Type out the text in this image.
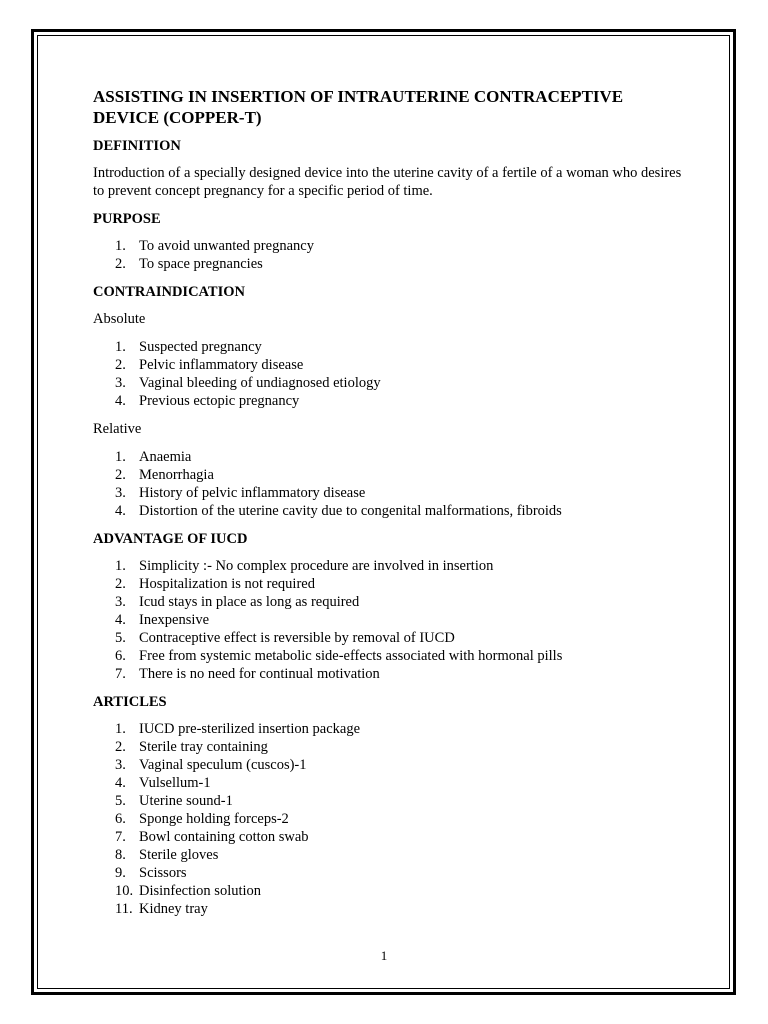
ASSISTING IN INSERTION OF INTRAUTERINE CONTRACEPTIVE DEVICE (COPPER-T)
DEFINITION
Introduction of a specially designed device into the uterine cavity of a fertile of a woman who desires to prevent concept pregnancy for a specific period of time.
PURPOSE
1. To avoid unwanted pregnancy
2. To space pregnancies
CONTRAINDICATION
Absolute
1. Suspected pregnancy
2. Pelvic inflammatory disease
3. Vaginal bleeding of undiagnosed etiology
4. Previous ectopic pregnancy
Relative
1. Anaemia
2. Menorrhagia
3. History of pelvic inflammatory disease
4. Distortion of the uterine cavity due to congenital malformations, fibroids
ADVANTAGE OF IUCD
1. Simplicity :- No complex procedure are involved in insertion
2. Hospitalization is not required
3. Icud stays in place as long as required
4. Inexpensive
5. Contraceptive effect is reversible by removal of IUCD
6. Free from systemic metabolic side-effects associated with hormonal pills
7. There is no need for continual motivation
ARTICLES
1. IUCD pre-sterilized insertion package
2. Sterile tray containing
3. Vaginal speculum (cuscos)-1
4. Vulsellum-1
5. Uterine sound-1
6. Sponge holding forceps-2
7. Bowl containing cotton swab
8. Sterile gloves
9. Scissors
10. Disinfection solution
11. Kidney tray
1
